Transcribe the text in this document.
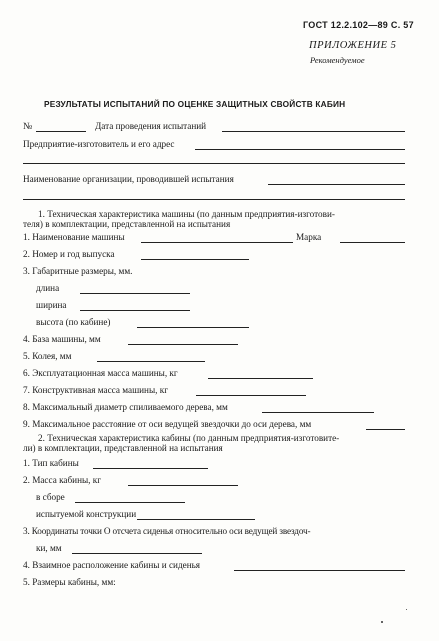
ГОСТ 12.2.102—89 С. 57
ПРИЛОЖЕНИЕ 5
Рекомендуемое
РЕЗУЛЬТАТЫ ИСПЫТАНИЙ ПО ОЦЕНКЕ ЗАЩИТНЫХ СВОЙСТВ КАБИН
№	Дата проведения испытаний
Предприятие-изготовитель и его адрес
Наименование организации, проводившей испытания
1. Техническая характеристика машины (по данным предприятия-изготови-
теля) в комплектации, представленной на испытания
1. Наименование машины	Марка
2. Номер и год выпуска
3. Габаритные размеры, мм.
длина
ширина
высота (по кабине)
4. База машины, мм
5. Колея, мм
6. Эксплуатационная масса машины, кг
7. Конструктивная масса машины, кг
8. Максимальный диаметр спиливаемого дерева, мм
9. Максимальное расстояние от оси ведущей звездочки до оси дерева, мм
2. Техническая характеристика кабины (по данным предприятия-изготовите-
ли) в комплектации, представленной на испытания
1. Тип кабины
2. Масса кабины, кг
в сборе
испытуемой конструкции
3. Координаты точки О отсчета сиденья относительно оси ведущей звездоч-
ки, мм
4. Взаимное расположение кабины и сиденья
5. Размеры кабины, мм:
